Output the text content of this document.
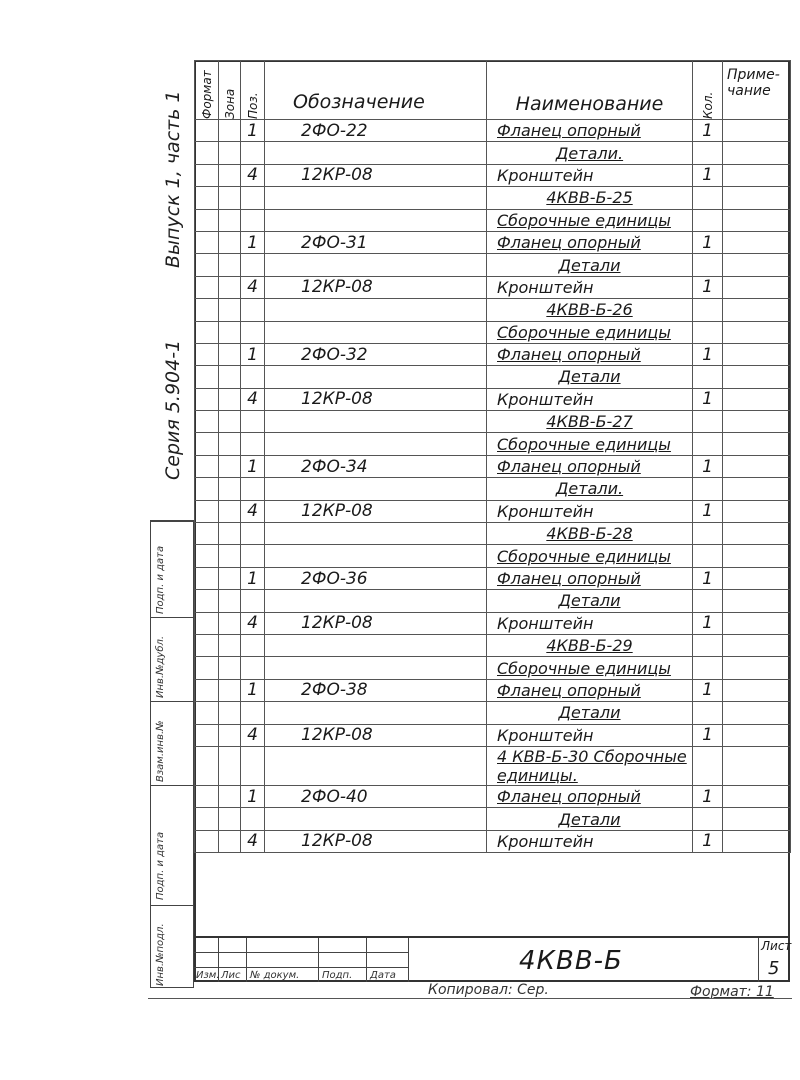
Серия 5.904-1
Выпуск 1, часть 1
Подп. и дата
Инв.№дубл.
Взам.инв.№
Подп. и дата
Инв.№подл.
Формат	Зона	Поз.	Обозначение	Наименование	Кол.	Приме-
чание
		1	2ФО-22	Фланец опорный	1	
				Детали.		
		4	12КР-08	Кронштейн	1	
				4КВВ-Б-25		
				Сборочные единицы		
		1	2ФО-31	Фланец опорный	1	
				Детали		
		4	12КР-08	Кронштейн	1	
				4КВВ-Б-26		
				Сборочные единицы		
		1	2ФО-32	Фланец опорный	1	
				Детали		
		4	12КР-08	Кронштейн	1	
				4КВВ-Б-27		
				Сборочные единицы		
		1	2ФО-34	Фланец опорный	1	
				Детали.		
		4	12КР-08	Кронштейн	1	
				4КВВ-Б-28		
				Сборочные единицы		
		1	2ФО-36	Фланец опорный	1	
				Детали		
		4	12КР-08	Кронштейн	1	
				4КВВ-Б-29		
				Сборочные единицы		
		1	2ФО-38	Фланец опорный	1	
				Детали		
		4	12КР-08	Кронштейн	1	
				4 КВВ-Б-30 Сборочные единицы.		
		1	2ФО-40	Фланец опорный	1	
				Детали		
		4	12КР-08	Кронштейн	1	
Изм. Лис № докум. Подп. Дата	4КВВ-Б	Лист
5
Копировал: Сер.	Формат: 11
